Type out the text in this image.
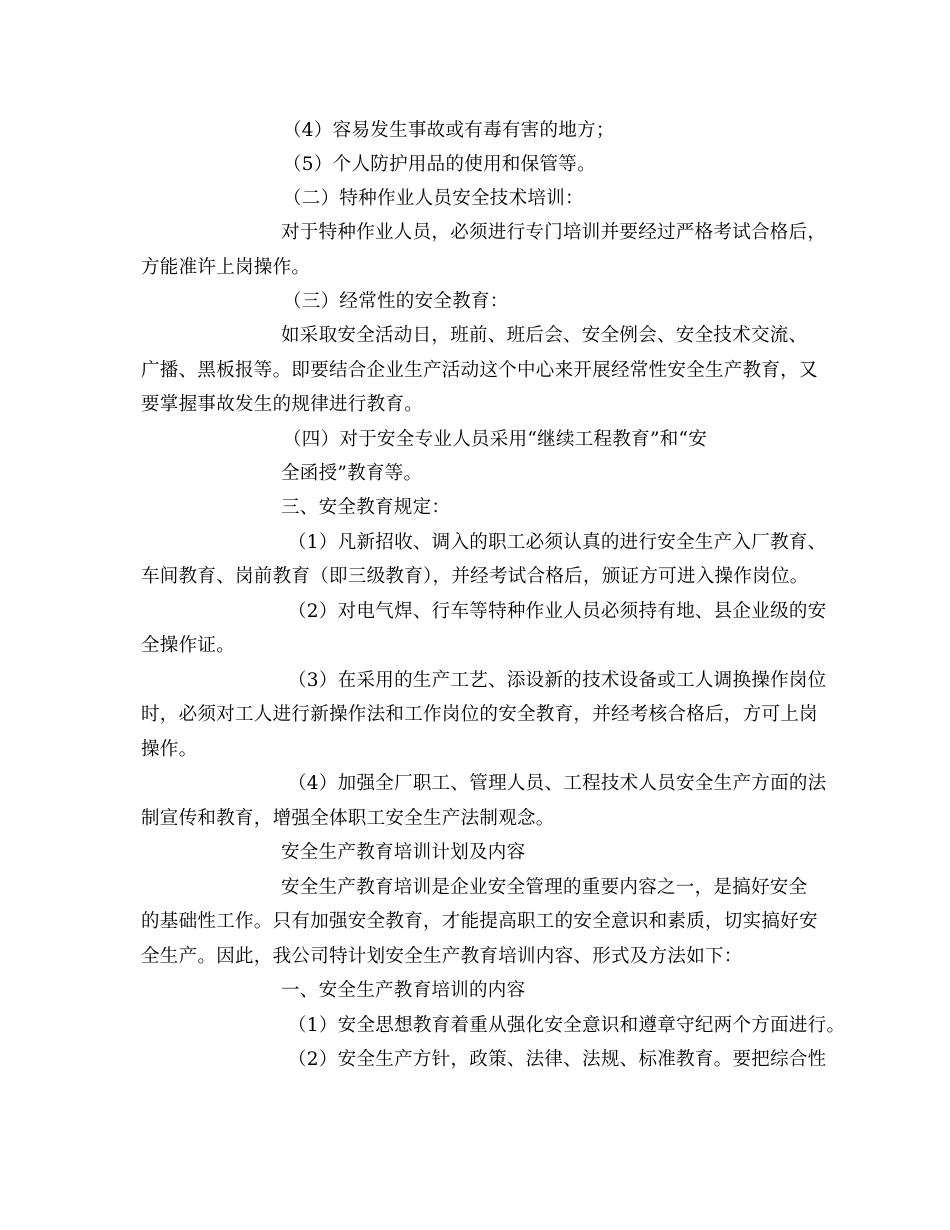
（4）容易发生事故或有毒有害的地方；
（5）个人防护用品的使用和保管等。
（二）特种作业人员安全技术培训：
对于特种作业人员，必须进行专门培训并要经过严格考试合格后，
方能准许上岗操作。
（三）经常性的安全教育：
如采取安全活动日，班前、班后会、安全例会、安全技术交流、
广播、黑板报等。即要结合企业生产活动这个中心来开展经常性安全生产教育，又
要掌握事故发生的规律进行教育。
（四）对于安全专业人员采用“继续工程教育”和“安
全函授”教育等。
三、安全教育规定：
（1）凡新招收、调入的职工必须认真的进行安全生产入厂教育、
车间教育、岗前教育（即三级教育），并经考试合格后，颁证方可进入操作岗位。
（2）对电气焊、行车等特种作业人员必须持有地、县企业级的安
全操作证。
（3）在采用的生产工艺、添设新的技术设备或工人调换操作岗位
时，必须对工人进行新操作法和工作岗位的安全教育，并经考核合格后，方可上岗
操作。
（4）加强全厂职工、管理人员、工程技术人员安全生产方面的法
制宣传和教育，增强全体职工安全生产法制观念。
安全生产教育培训计划及内容
安全生产教育培训是企业安全管理的重要内容之一，是搞好安全
的基础性工作。只有加强安全教育，才能提高职工的安全意识和素质，切实搞好安
全生产。因此，我公司特计划安全生产教育培训内容、形式及方法如下：
一、安全生产教育培训的内容
（1）安全思想教育着重从强化安全意识和遵章守纪两个方面进行。
（2）安全生产方针，政策、法律、法规、标准教育。要把综合性
